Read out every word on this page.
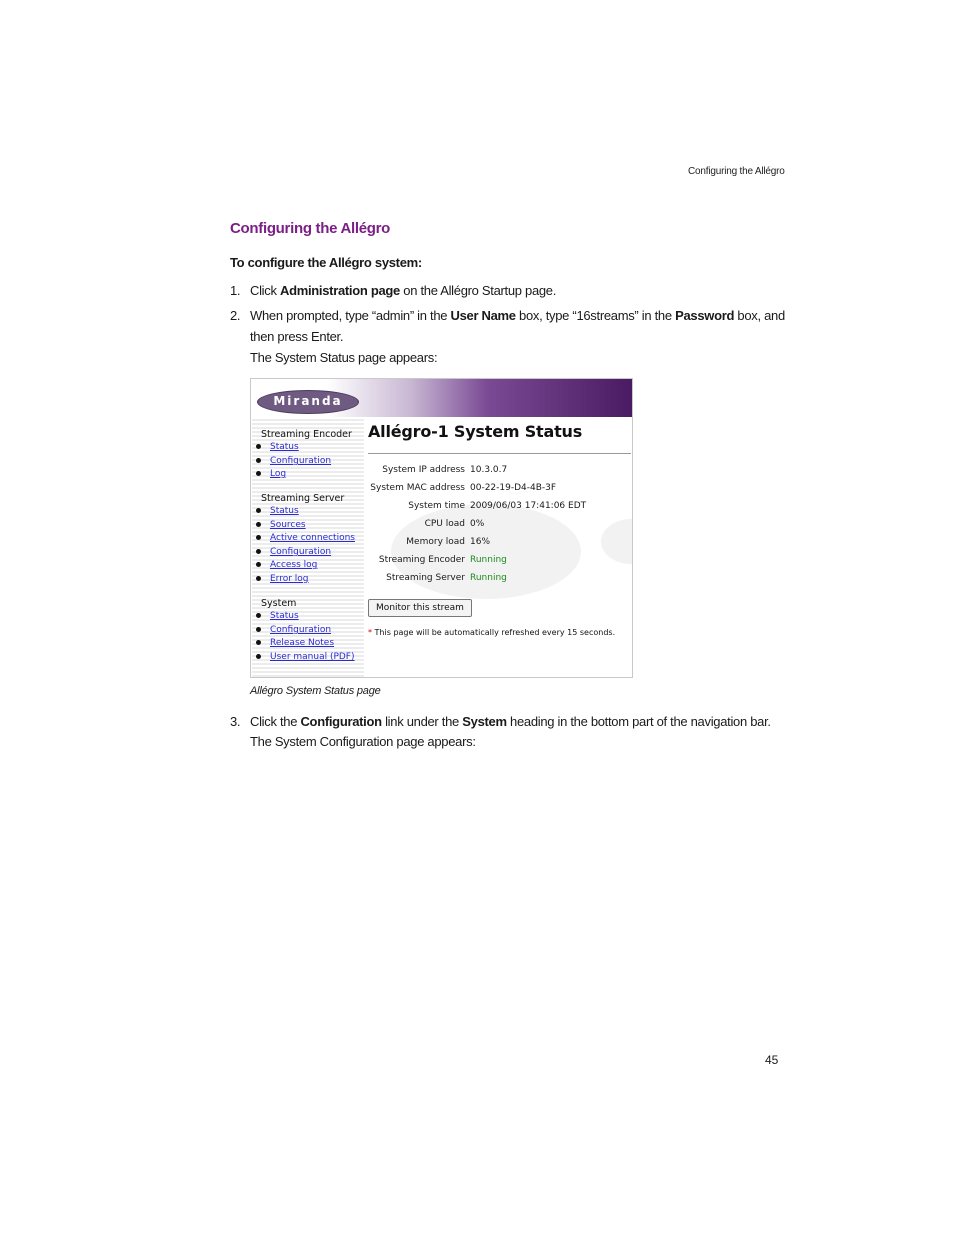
Configuring the Allégro
Configuring the Allégro
To configure the Allégro system:
1. Click Administration page on the Allégro Startup page.
2. When prompted, type “admin” in the User Name box, type “16streams” in the Password box, and then press Enter.
The System Status page appears:
Miranda
Streaming Encoder
Status
Configuration
Log
Streaming Server
Status
Sources
Active connections
Configuration
Access log
Error log
System
Status
Configuration
Release Notes
User manual (PDF)
Allégro-1 System Status
System IP address 10.3.0.7
System MAC address 00-22-19-D4-4B-3F
System time 2009/06/03 17:41:06 EDT
CPU load 0%
Memory load 16%
Streaming Encoder Running
Streaming Server Running
Monitor this stream
* This page will be automatically refreshed every 15 seconds.
Allégro System Status page
3. Click the Configuration link under the System heading in the bottom part of the navigation bar.
The System Configuration page appears:
45
